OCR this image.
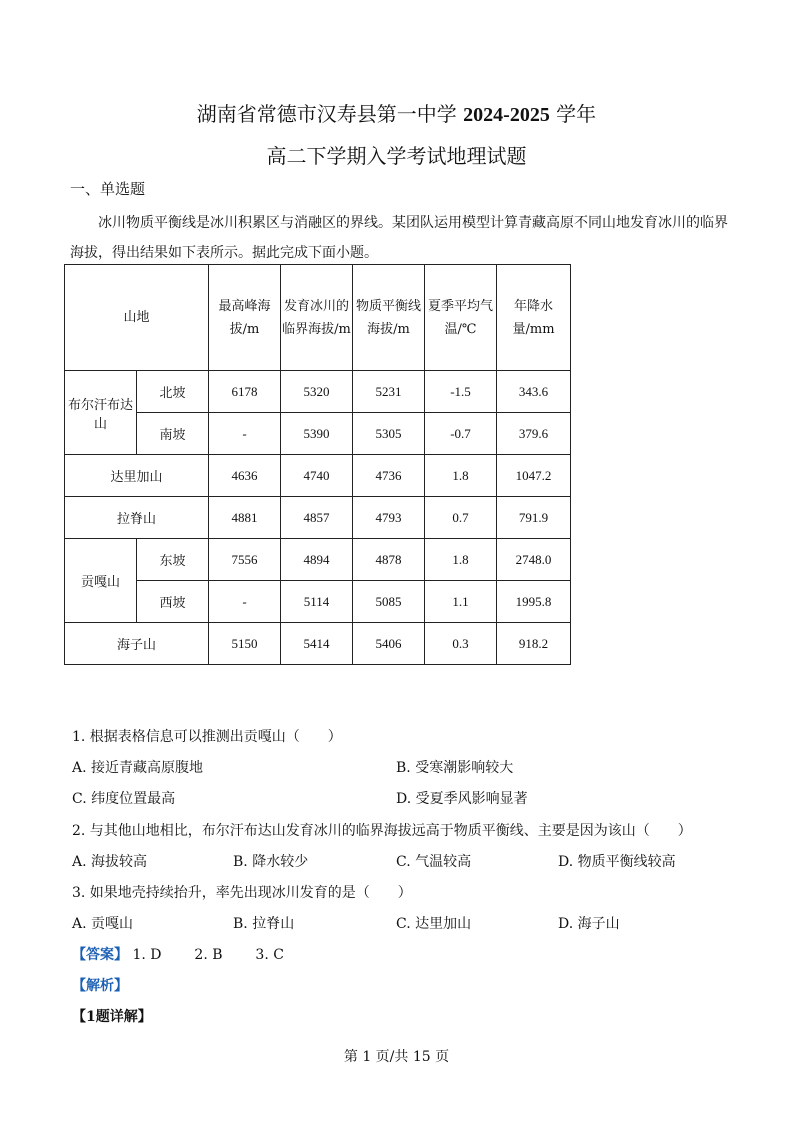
湖南省常德市汉寿县第一中学 2024-2025 学年
高二下学期入学考试地理试题
一、单选题
冰川物质平衡线是冰川积累区与消融区的界线。某团队运用模型计算青藏高原不同山地发育冰川的临界海拔，得出结果如下表所示。据此完成下面小题。
山地		最高峰海拔/m	发育冰川的临界海拔/m	物质平衡线海拔/m	夏季平均气温/℃	年降水量/mm
布尔汗布达山	北坡	6178	5320	5231	-1.5	343.6
	南坡	-	5390	5305	-0.7	379.6
达里加山		4636	4740	4736	1.8	1047.2
拉脊山		4881	4857	4793	0.7	791.9
贡嘎山	东坡	7556	4894	4878	1.8	2748.0
	西坡	-	5114	5085	1.1	1995.8
海子山		5150	5414	5406	0.3	918.2
1. 根据表格信息可以推测出贡嘎山（　　）
A. 接近青藏高原腹地	B. 受寒潮影响较大
C. 纬度位置最高	D. 受夏季风影响显著
2. 与其他山地相比，布尔汗布达山发育冰川的临界海拔远高于物质平衡线、主要是因为该山（　　）
A. 海拔较高	B. 降水较少	C. 气温较高	D. 物质平衡线较高
3. 如果地壳持续抬升，率先出现冰川发育的是（　　）
A. 贡嘎山	B. 拉脊山	C. 达里加山	D. 海子山
【答案】 1. D 2. B 3. C
【解析】
【1题详解】
第 1 页/共 15 页
